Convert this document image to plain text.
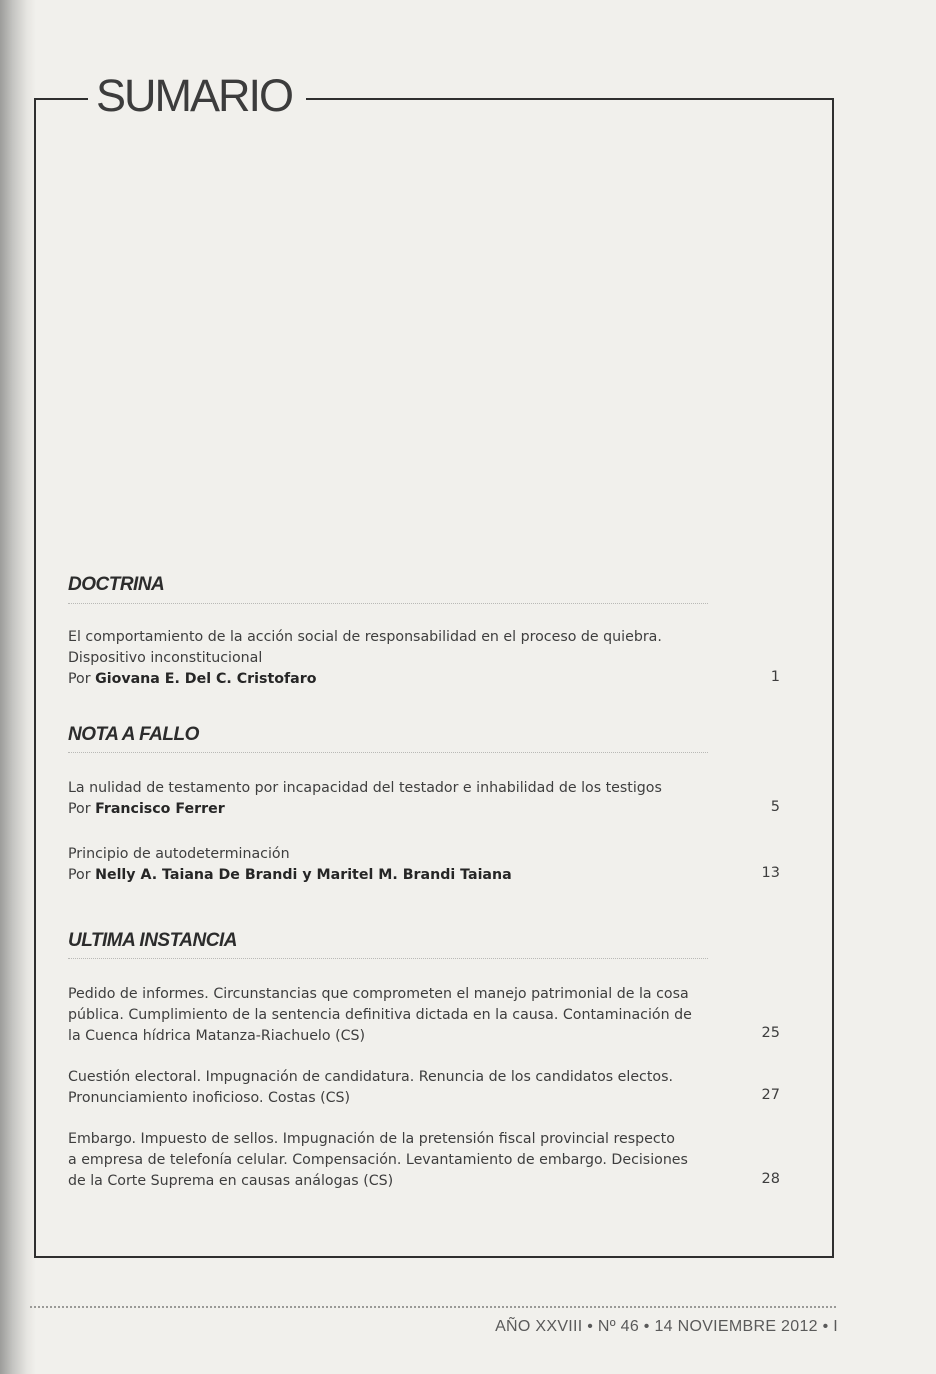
SUMARIO
DOCTRINA
El comportamiento de la acción social de responsabilidad en el proceso de quiebra.
Dispositivo inconstitucional
Por Giovana E. Del C. Cristofaro	1
NOTA A FALLO
La nulidad de testamento por incapacidad del testador e inhabilidad de los testigos
Por Francisco Ferrer	5
Principio de autodeterminación
Por Nelly A. Taiana De Brandi y Maritel M. Brandi Taiana	13
ULTIMA INSTANCIA
Pedido de informes. Circunstancias que comprometen el manejo patrimonial de la cosa
pública. Cumplimiento de la sentencia definitiva dictada en la causa. Contaminación de
la Cuenca hídrica Matanza-Riachuelo (CS)	25
Cuestión electoral. Impugnación de candidatura. Renuncia de los candidatos electos.
Pronunciamiento inoficioso. Costas (CS)	27
Embargo. Impuesto de sellos. Impugnación de la pretensión fiscal provincial respecto
a empresa de telefonía celular. Compensación. Levantamiento de embargo. Decisiones
de la Corte Suprema en causas análogas (CS)	28
AÑO XXVIII • Nº 46 • 14 NOVIEMBRE 2012 • I
